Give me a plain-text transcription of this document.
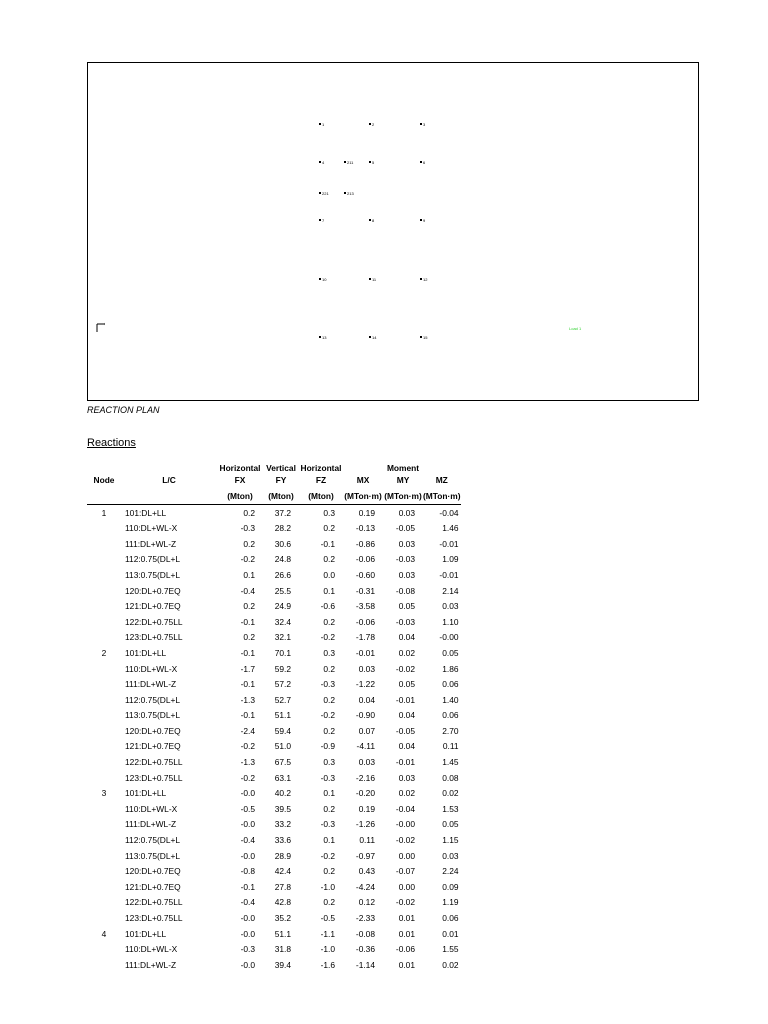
1	2	3
4	211	5	6
221	213
7	8	9
10	11	12
13	14	15
Load 1
REACTION PLAN
Reactions
		Horizontal	Vertical	Horizontal		Moment	
Node	L/C	FX	FY	FZ	MX	MY	MZ
		(Mton)	(Mton)	(Mton)	(MTon·m)	(MTon·m)	(MTon·m)
1	101:DL+LL	0.2	37.2	0.3	0.19	0.03	-0.04
	110:DL+WL-X	-0.3	28.2	0.2	-0.13	-0.05	1.46
	111:DL+WL-Z	0.2	30.6	-0.1	-0.86	0.03	-0.01
	112:0.75(DL+L	-0.2	24.8	0.2	-0.06	-0.03	1.09
	113:0.75(DL+L	0.1	26.6	0.0	-0.60	0.03	-0.01
	120:DL+0.7EQ	-0.4	25.5	0.1	-0.31	-0.08	2.14
	121:DL+0.7EQ	0.2	24.9	-0.6	-3.58	0.05	0.03
	122:DL+0.75LL	-0.1	32.4	0.2	-0.06	-0.03	1.10
	123:DL+0.75LL	0.2	32.1	-0.2	-1.78	0.04	-0.00
2	101:DL+LL	-0.1	70.1	0.3	-0.01	0.02	0.05
	110:DL+WL-X	-1.7	59.2	0.2	0.03	-0.02	1.86
	111:DL+WL-Z	-0.1	57.2	-0.3	-1.22	0.05	0.06
	112:0.75(DL+L	-1.3	52.7	0.2	0.04	-0.01	1.40
	113:0.75(DL+L	-0.1	51.1	-0.2	-0.90	0.04	0.06
	120:DL+0.7EQ	-2.4	59.4	0.2	0.07	-0.05	2.70
	121:DL+0.7EQ	-0.2	51.0	-0.9	-4.11	0.04	0.11
	122:DL+0.75LL	-1.3	67.5	0.3	0.03	-0.01	1.45
	123:DL+0.75LL	-0.2	63.1	-0.3	-2.16	0.03	0.08
3	101:DL+LL	-0.0	40.2	0.1	-0.20	0.02	0.02
	110:DL+WL-X	-0.5	39.5	0.2	0.19	-0.04	1.53
	111:DL+WL-Z	-0.0	33.2	-0.3	-1.26	-0.00	0.05
	112:0.75(DL+L	-0.4	33.6	0.1	0.11	-0.02	1.15
	113:0.75(DL+L	-0.0	28.9	-0.2	-0.97	0.00	0.03
	120:DL+0.7EQ	-0.8	42.4	0.2	0.43	-0.07	2.24
	121:DL+0.7EQ	-0.1	27.8	-1.0	-4.24	0.00	0.09
	122:DL+0.75LL	-0.4	42.8	0.2	0.12	-0.02	1.19
	123:DL+0.75LL	-0.0	35.2	-0.5	-2.33	0.01	0.06
4	101:DL+LL	-0.0	51.1	-1.1	-0.08	0.01	0.01
	110:DL+WL-X	-0.3	31.8	-1.0	-0.36	-0.06	1.55
	111:DL+WL-Z	-0.0	39.4	-1.6	-1.14	0.01	0.02
